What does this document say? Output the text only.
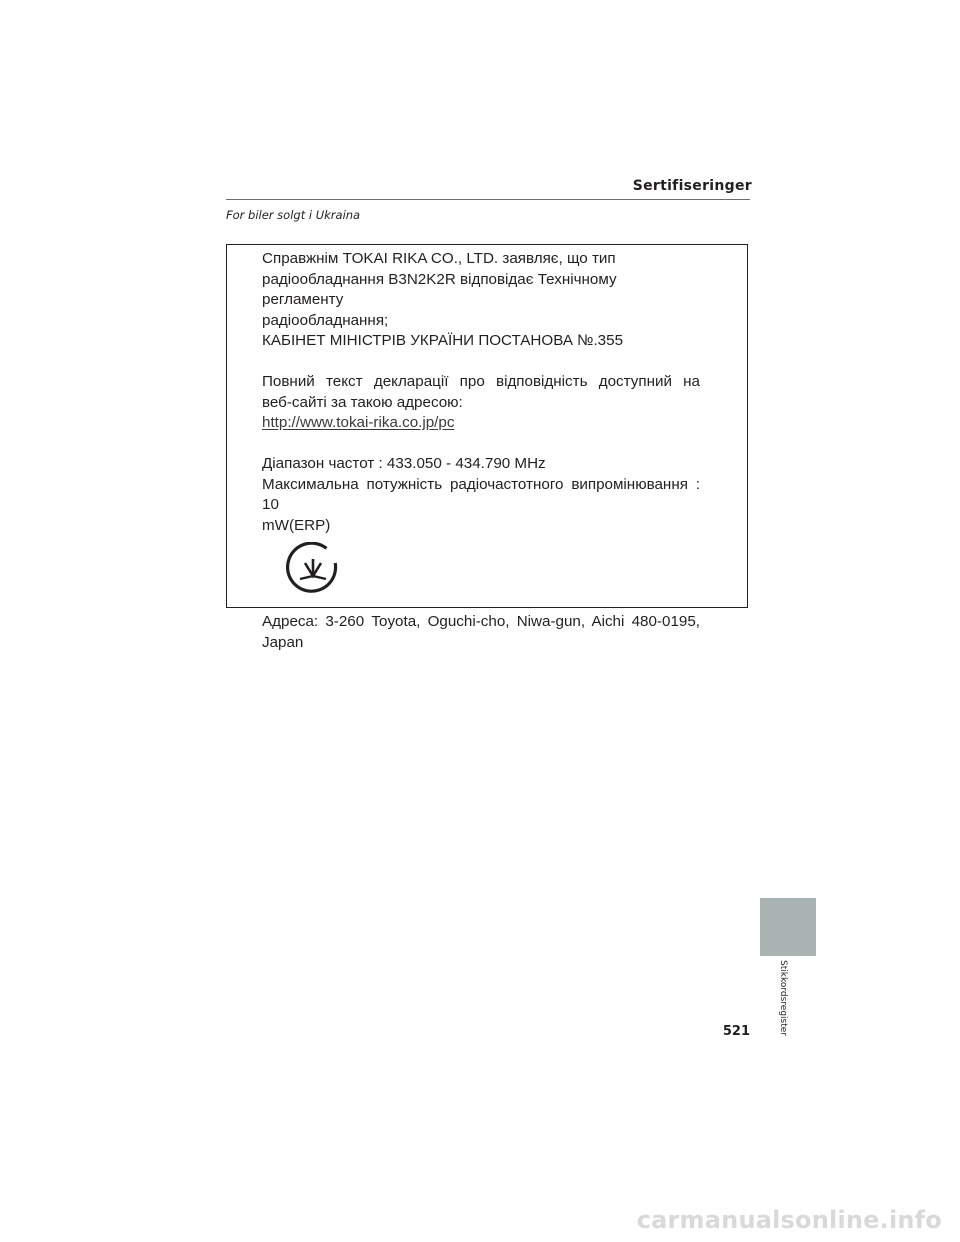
Sertifiseringer
For biler solgt i Ukraina

Справжнім TOKAI RIKA CO., LTD. заявляє, що тип

радіообладнання B3N2K2R відповідає Технічному регламенту

радіообладнання;

КАБІНЕТ МІНІСТРІВ УКРАЇНИ ПОСТАНОВА №.355

Повний текст декларації про відповідність доступний на

веб-сайті за такою адресою:

http://www.tokai-rika.co.jp/pc

Діапазон частот : 433.050 - 434.790 MHz

Максимальна потужність радіочастотного випромінювання : 10

mW(ERP)

Адреса: 3-260 Toyota, Oguchi-cho, Niwa-gun, Aichi 480-0195,

Japan

Stikkordsregister
521
carmanualsonline.info
